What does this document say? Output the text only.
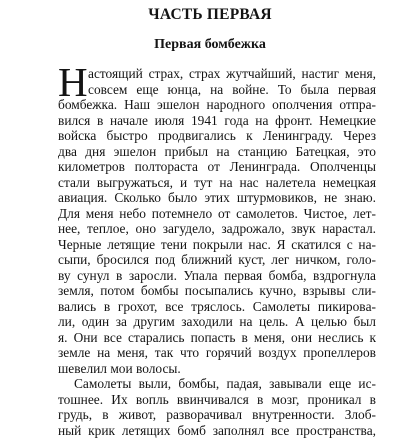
ЧАСТЬ ПЕРВАЯ
Первая бомбежка
Н астоящий страх, страх жутчайший, настиг меня,
совсем еще юнца, на войне. То была первая
бомбежка. Наш эшелон народного ополчения отпра-
вился в начале июля 1941 года на фронт. Немецкие
войска быстро продвигались к Ленинграду. Через
два дня эшелон прибыл на станцию Батецкая, это
километров полтораста от Ленинграда. Ополченцы
стали выгружаться, и тут на нас налетела немецкая
авиация. Сколько было этих штурмовиков, не знаю.
Для меня небо потемнело от самолетов. Чистое, лет-
нее, теплое, оно загудело, задрожало, звук нарастал.
Черные летящие тени покрыли нас. Я скатился с на-
сыпи, бросился под ближний куст, лег ничком, голо-
ву сунул в заросли. Упала первая бомба, вздрогнула
земля, потом бомбы посыпались кучно, взрывы сли-
вались в грохот, все тряслось. Самолеты пикировa-
ли, один за другим заходили на цель. А целью был
я. Они все старались попасть в меня, они неслись к
земле на меня, так что горячий воздух пропеллеров
шевелил мои волосы.
Самолеты выли, бомбы, падая, завывали еще ис-
тошнее. Их вопль ввинчивался в мозг, проникал в
грудь, в живот, разворачивал внутренности. Злоб-
ный крик летящих бомб заполнял все пространства,
